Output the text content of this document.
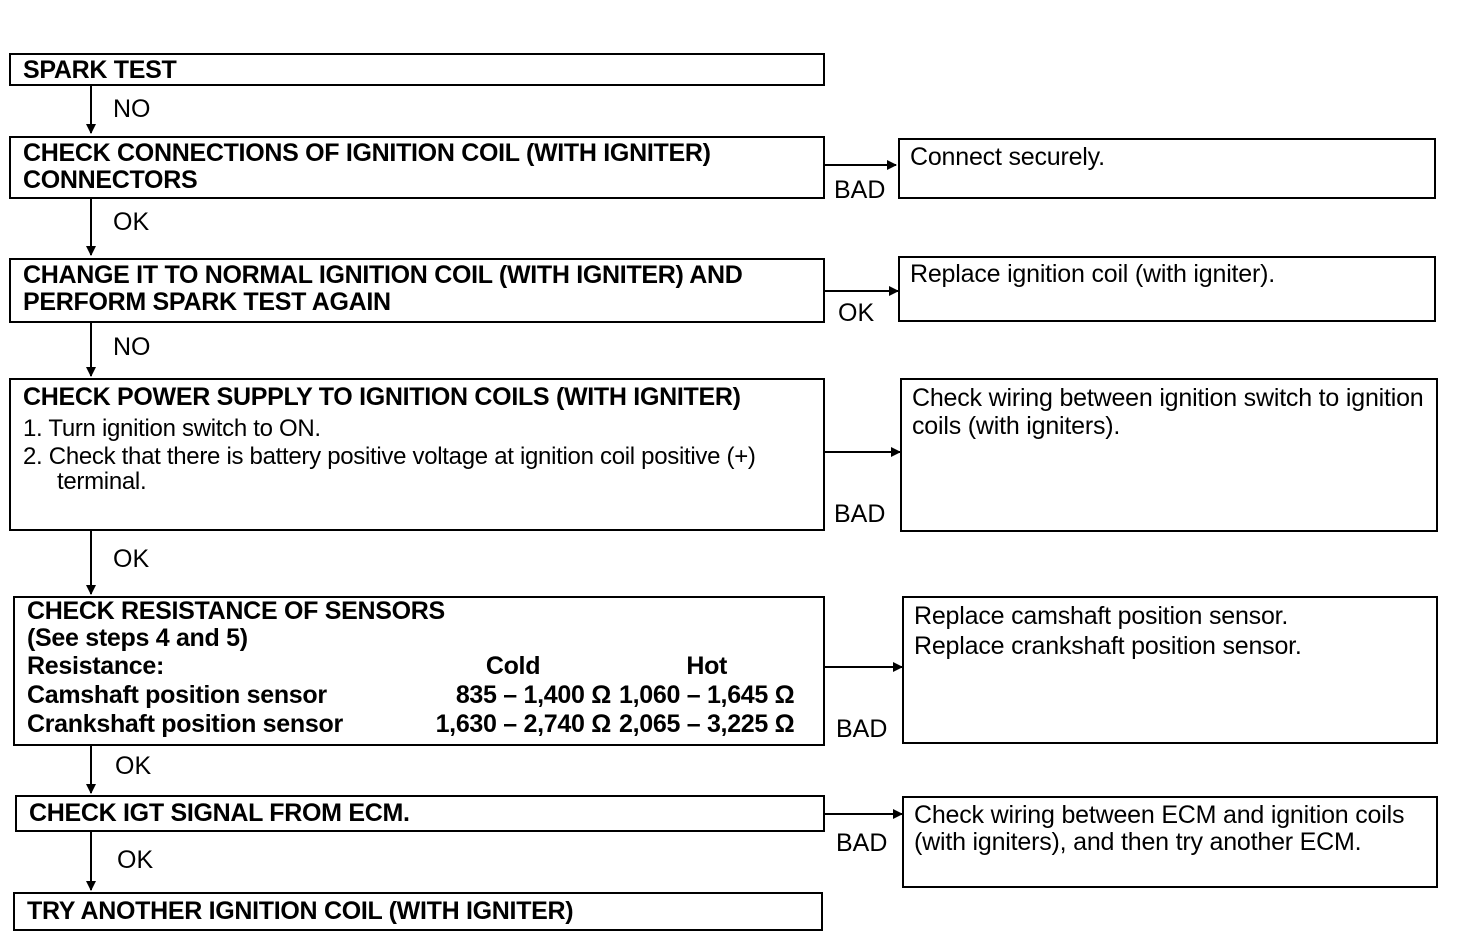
SPARK TEST
CHECK CONNECTIONS OF IGNITION COIL (WITH IGNITER) CONNECTORS
CHANGE IT TO NORMAL IGNITION COIL (WITH IGNITER) AND PERFORM SPARK TEST AGAIN
CHECK POWER SUPPLY TO IGNITION COILS (WITH IGNITER)
1. Turn ignition switch to ON.
2. Check that there is battery positive voltage at ignition coil positive (+) terminal.
CHECK RESISTANCE OF SENSORS
(See steps 4 and 5)
Resistance:	Cold	Hot
Camshaft position sensor	835 – 1,400 Ω	1,060 – 1,645 Ω
Crankshaft position sensor	1,630 – 2,740 Ω	2,065 – 3,225 Ω
CHECK IGT SIGNAL FROM ECM.
TRY ANOTHER IGNITION COIL (WITH IGNITER)
Connect securely.
Replace ignition coil (with igniter).
Check wiring between ignition switch to ignition coils (with igniters).
Replace camshaft position sensor.
Replace crankshaft position sensor.
Check wiring between ECM and ignition coils (with igniters), and then try another ECM.
NO
OK
NO
OK
OK
OK
BAD
OK
BAD
BAD
BAD
